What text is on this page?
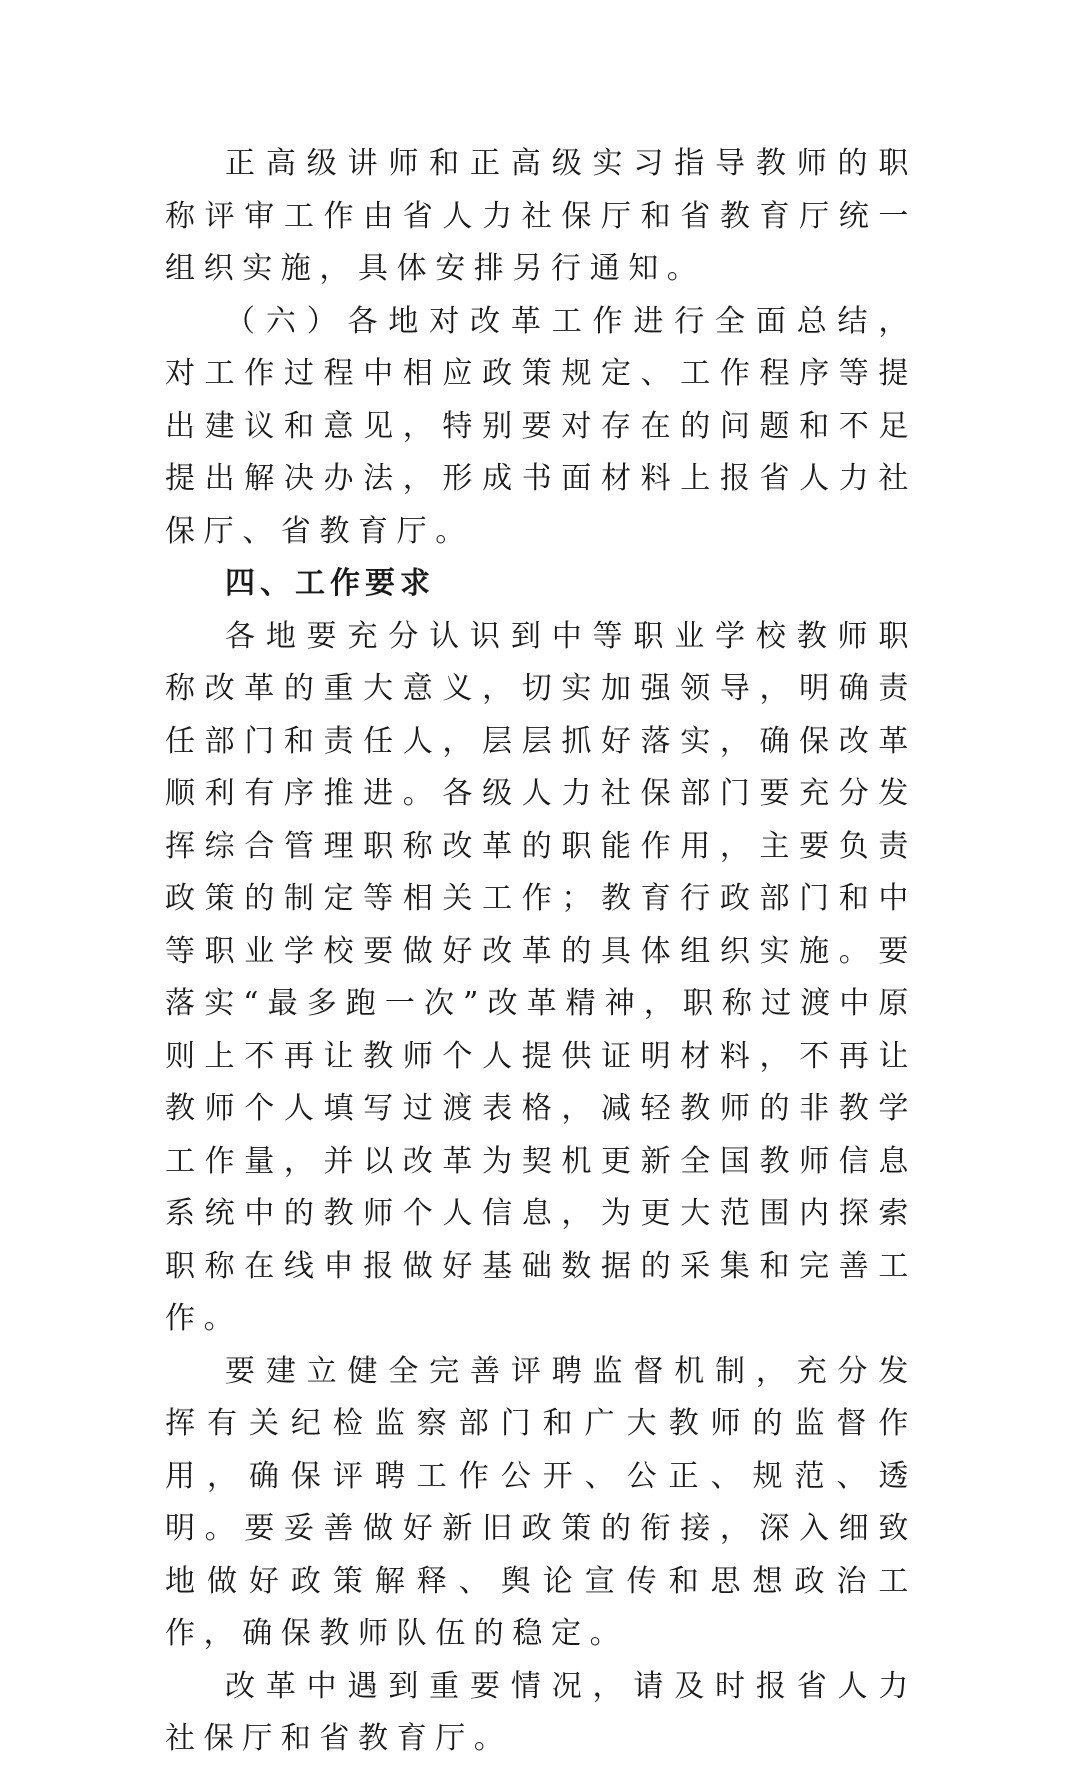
正高级讲师和正高级实习指导教师的职称评审工作由省人力社保厅和省教育厅统一组织实施，具体安排另行通知。

（六）各地对改革工作进行全面总结，对工作过程中相应政策规定、工作程序等提出建议和意见，特别要对存在的问题和不足提出解决办法，形成书面材料上报省人力社保厅、省教育厅。

四、工作要求

各地要充分认识到中等职业学校教师职称改革的重大意义，切实加强领导，明确责任部门和责任人，层层抓好落实，确保改革顺利有序推进。各级人力社保部门要充分发挥综合管理职称改革的职能作用，主要负责政策的制定等相关工作；教育行政部门和中等职业学校要做好改革的具体组织实施。要落实“最多跑一次”改革精神，职称过渡中原则上不再让教师个人提供证明材料，不再让教师个人填写过渡表格，减轻教师的非教学工作量，并以改革为契机更新全国教师信息系统中的教师个人信息，为更大范围内探索职称在线申报做好基础数据的采集和完善工作。

要建立健全完善评聘监督机制，充分发挥有关纪检监察部门和广大教师的监督作用，确保评聘工作公开、公正、规范、透明。要妥善做好新旧政策的衔接，深入细致地做好政策解释、舆论宣传和思想政治工作，确保教师队伍的稳定。

改革中遇到重要情况，请及时报省人力社保厅和省教育厅。
